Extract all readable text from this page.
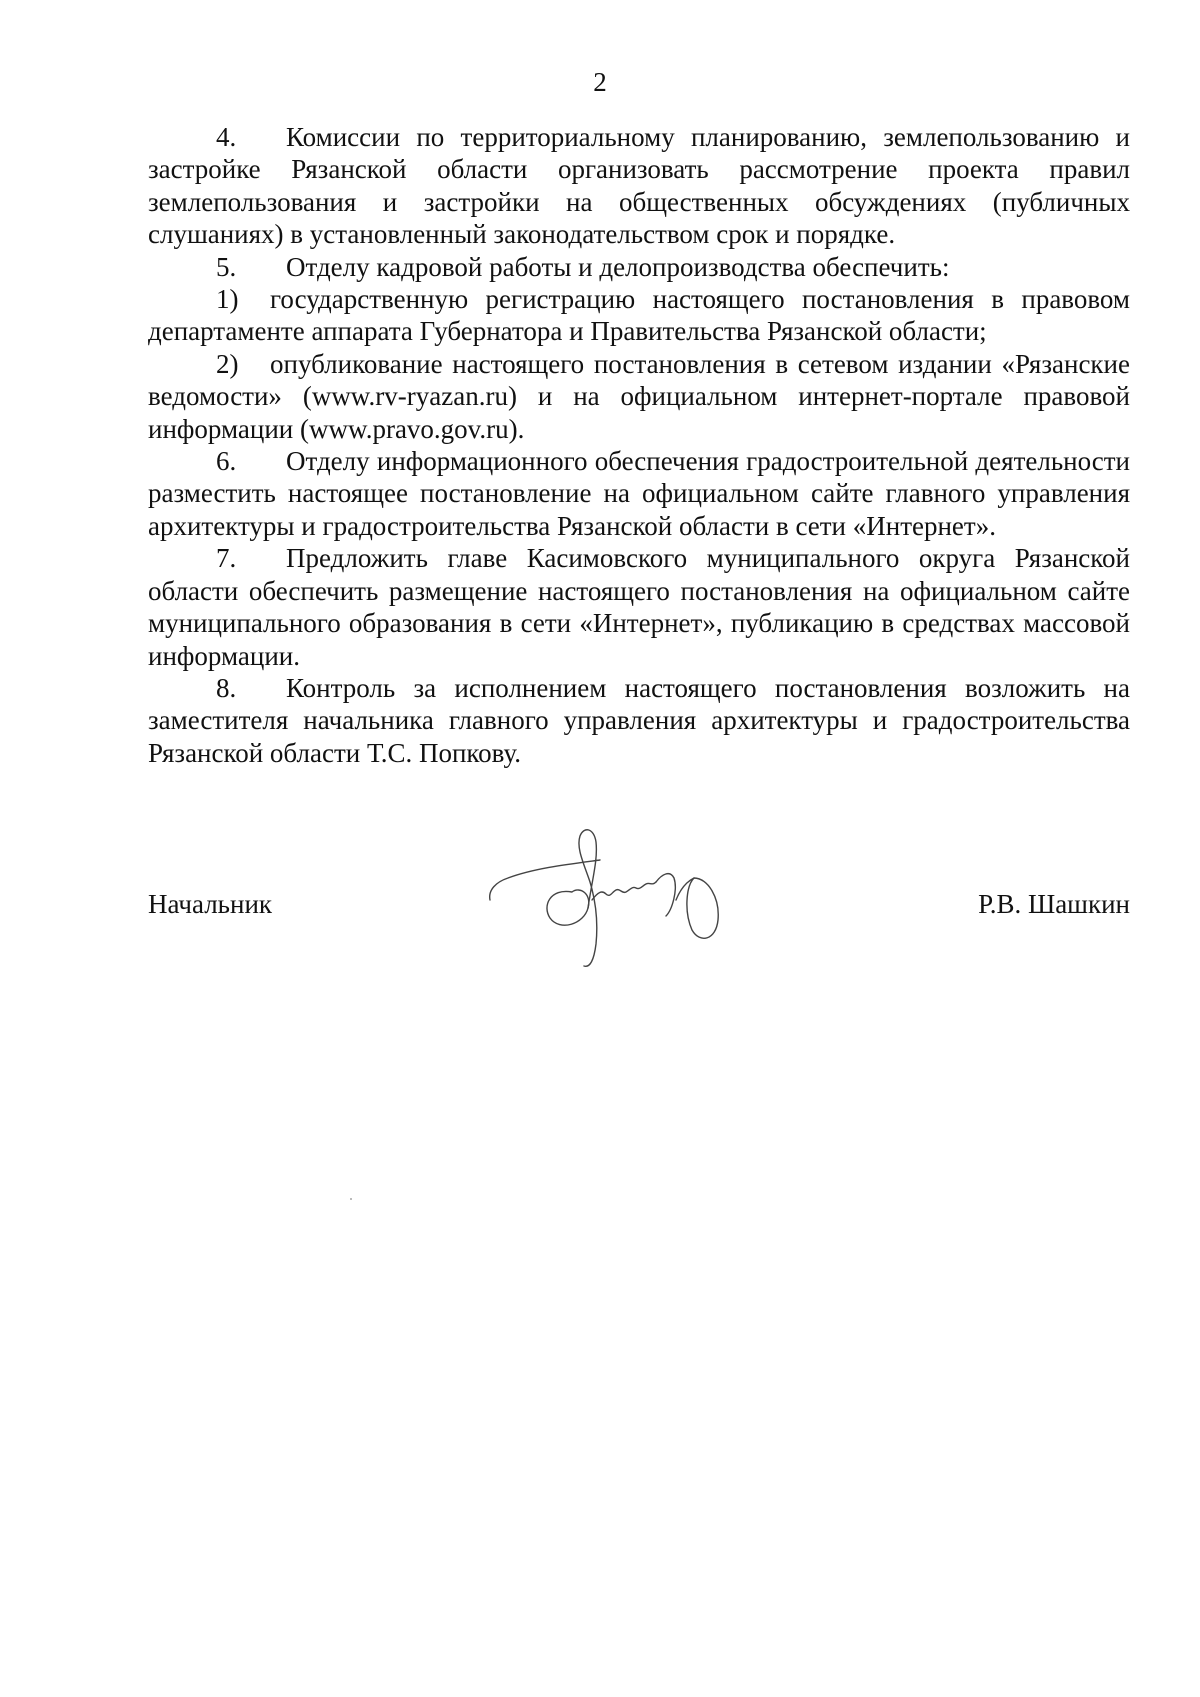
2

4. Комиссии по территориальному планированию, землепользованию и застройке Рязанской области организовать рассмотрение проекта правил землепользования и застройки на общественных обсуждениях (публичных слушаниях) в установленный законодательством срок и порядке.

5. Отделу кадровой работы и делопроизводства обеспечить:

1) государственную регистрацию настоящего постановления в правовом департаменте аппарата Губернатора и Правительства Рязанской области;

2) опубликование настоящего постановления в сетевом издании «Рязанские ведомости» (www.rv-ryazan.ru) и на официальном интернет-портале правовой информации (www.pravo.gov.ru).

6. Отделу информационного обеспечения градостроительной деятельности разместить настоящее постановление на официальном сайте главного управления архитектуры и градостроительства Рязанской области в сети «Интернет».

7. Предложить главе Касимовского муниципального округа Рязанской области обеспечить размещение настоящего постановления на официальном сайте муниципального образования в сети «Интернет», публикацию в средствах массовой информации.

8. Контроль за исполнением настоящего постановления возложить на заместителя начальника главного управления архитектуры и градостроительства Рязанской области Т.С. Попкову.

Начальник	Р.В. Шашкин
